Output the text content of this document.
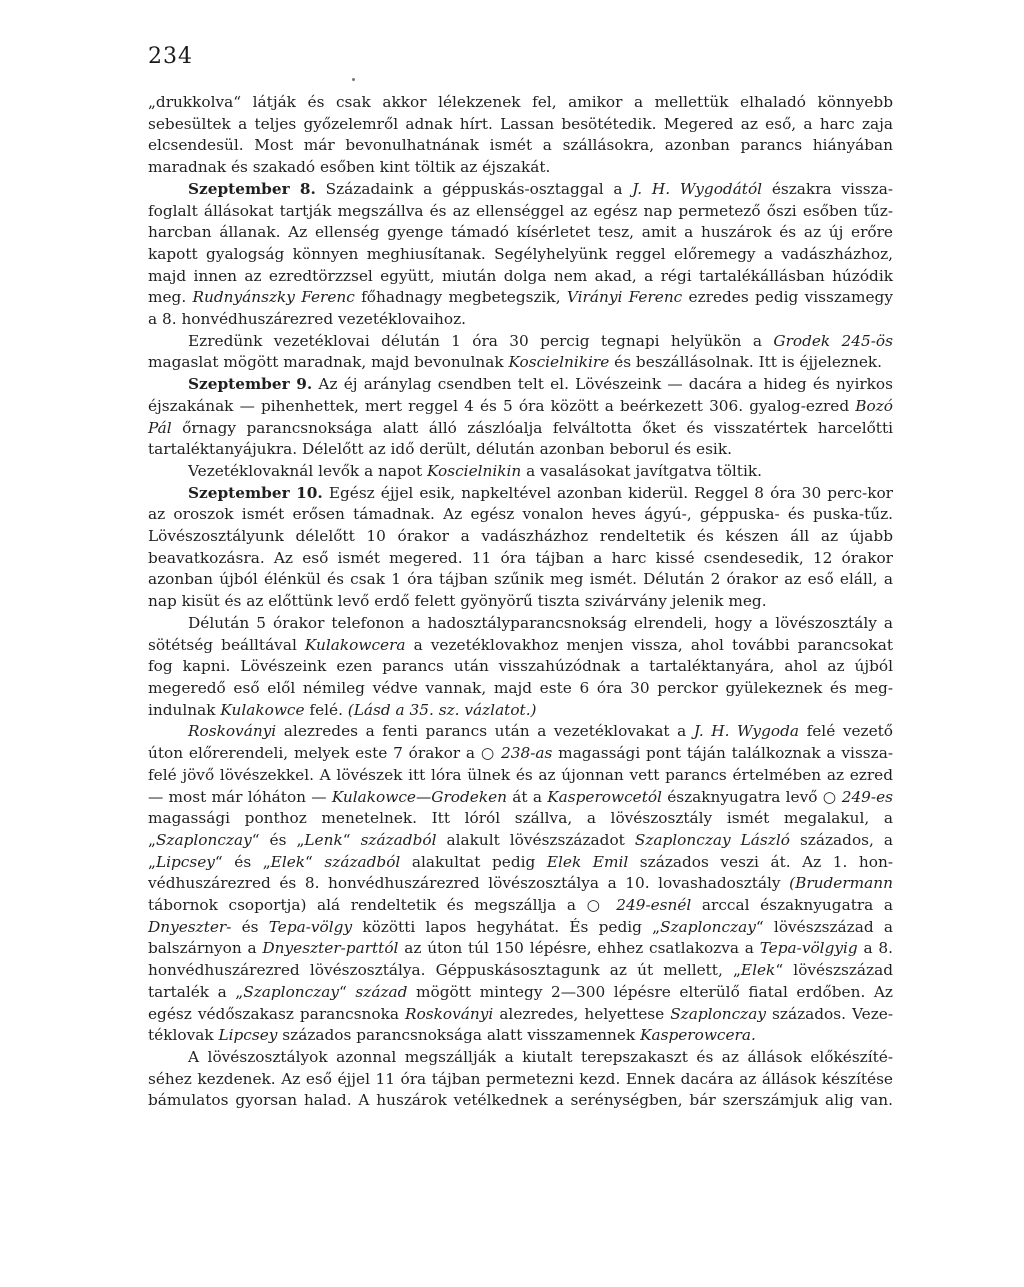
234

„drukkolva“ látják és csak akkor lélekzenek fel, amikor a mellettük elhaladó könnyebb sebesültek a teljes győzelemről adnak hírt. Lassan besötétedik. Megered az eső, a harc zaja elcsendesül. Most már bevonulhatnának ismét a szállásokra, azonban parancs hiányában maradnak és szakadó esőben kint töltik az éjszakát.

Szeptember 8. Századaink a géppuskás-osztaggal a J. H. Wygodától északra vissza-foglalt állásokat tartják megszállva és az ellenséggel az egész nap permetező őszi esőben tűz-harcban állanak. Az ellenség gyenge támadó kísérletet tesz, amit a huszárok és az új erőre kapott gyalogság könnyen meghiusítanak. Segélyhelyünk reggel előremegy a vadászházhoz, majd innen az ezredtörzzsel együtt, miután dolga nem akad, a régi tartalékállásban húzódik meg. Rudnyánszky Ferenc főhadnagy megbetegszik, Virányi Ferenc ezredes pedig visszamegy a 8. honvédhuszárezred vezetéklovaihoz.

Ezredünk vezetéklovai délután 1 óra 30 percig tegnapi helyükön a Grodek 245-ös magaslat mögött maradnak, majd bevonulnak Koscielnikire és beszállásolnak. Itt is éjjeleznek.

Szeptember 9. Az éj aránylag csendben telt el. Lövészeink — dacára a hideg és nyirkos éjszakának — pihenhettek, mert reggel 4 és 5 óra között a beérkezett 306. gyalog-ezred Bozó Pál őrnagy parancsnoksága alatt álló zászlóalja felváltotta őket és visszatértek harcelőtti tartaléktanyájukra. Délelőtt az idő derült, délután azonban beborul és esik.

Vezetéklovaknál levők a napot Koscielnikin a vasalásokat javítgatva töltik.

Szeptember 10. Egész éjjel esik, napkeltével azonban kiderül. Reggel 8 óra 30 perc-kor az oroszok ismét erősen támadnak. Az egész vonalon heves ágyú-, géppuska- és puska-tűz. Lövészosztályunk délelőtt 10 órakor a vadászházhoz rendeltetik és készen áll az újabb beavatkozásra. Az eső ismét megered. 11 óra tájban a harc kissé csendesedik, 12 órakor azonban újból élénkül és csak 1 óra tájban szűnik meg ismét. Délután 2 órakor az eső eláll, a nap kisüt és az előttünk levő erdő felett gyönyörű tiszta szivárvány jelenik meg.

Délután 5 órakor telefonon a hadosztályparancsnokság elrendeli, hogy a lövészosztály a sötétség beálltával Kulakowcera a vezetéklovakhoz menjen vissza, ahol további parancsokat fog kapni. Lövészeink ezen parancs után visszahúzódnak a tartaléktanyára, ahol az újból megeredő eső elől némileg védve vannak, majd este 6 óra 30 perckor gyülekeznek és meg-indulnak Kulakowce felé. (Lásd a 35. sz. vázlatot.)

Roskoványi alezredes a fenti parancs után a vezetéklovakat a J. H. Wygoda felé vezető úton előrerendeli, melyek este 7 órakor a ○ 238-as magassági pont táján találkoznak a vissza-felé jövő lövészekkel. A lövészek itt lóra ülnek és az újonnan vett parancs értelmében az ezred — most már lóháton — Kulakowce—Grodeken át a Kasperowcetól északnyugatra levő ○ 249-es magassági ponthoz menetelnek. Itt lóról szállva, a lövészosztály ismét megalakul, a „Szaplonczay“ és „Lenk“ századból alakult lövészszázadot Szaplonczay László százados, a „Lipcsey“ és „Elek“ századból alakultat pedig Elek Emil százados veszi át. Az 1. hon-védhuszárezred és 8. honvédhuszárezred lövészosztálya a 10. lovashadosztály (Brudermann tábornok csoportja) alá rendeltetik és megszállja a ○ 249-esnél arccal északnyugatra a Dnyeszter- és Tepa-völgy közötti lapos hegyhátat. És pedig „Szaplonczay“ lövészszázad a balszárnyon a Dnyeszter-parttól az úton túl 150 lépésre, ehhez csatlakozva a Tepa-völgyig a 8. honvédhuszárezred lövészosztálya. Géppuskásosztagunk az út mellett, „Elek“ lövészszázad tartalék a „Szaplonczay“ század mögött mintegy 2—300 lépésre elterülő fiatal erdőben. Az egész védőszakasz parancsnoka Roskoványi alezredes, helyettese Szaplonczay százados. Veze-téklovak Lipcsey százados parancsnoksága alatt visszamennek Kasperowcera.

A lövészosztályok azonnal megszállják a kiutalt terepszakaszt és az állások előkészíté-séhez kezdenek. Az eső éjjel 11 óra tájban permetezni kezd. Ennek dacára az állások készítése bámulatos gyorsan halad. A huszárok vetélkednek a serénységben, bár szerszámjuk alig van.
